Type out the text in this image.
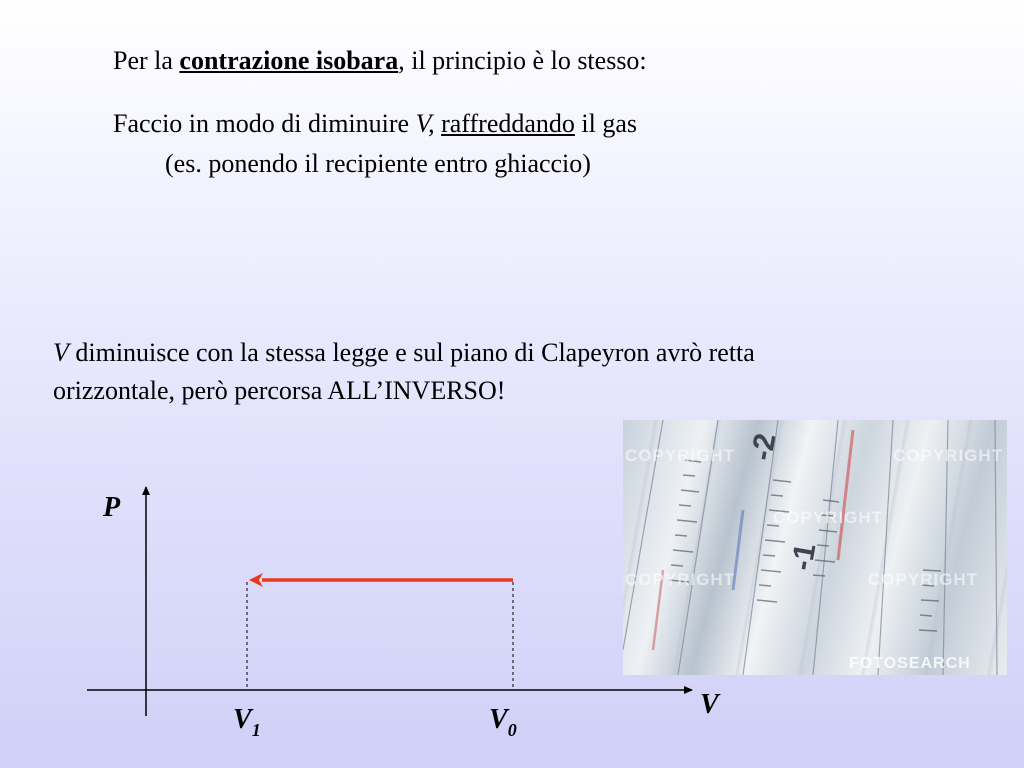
Per la contrazione isobara, il principio è lo stesso:
Faccio in modo di diminuire V, raffreddando il gas
(es. ponendo il recipiente entro ghiaccio)
V diminuisce con la stessa legge e sul piano di Clapeyron avrò retta
orizzontale, però percorsa ALL’INVERSO!
P
V
$V_1$	$V_0$
-2
-1
COPYRIGHT	COPYRIGHT
COPYRIGHT
COPYRIGHT	COPYRIGHT
FOTOSEARCH
